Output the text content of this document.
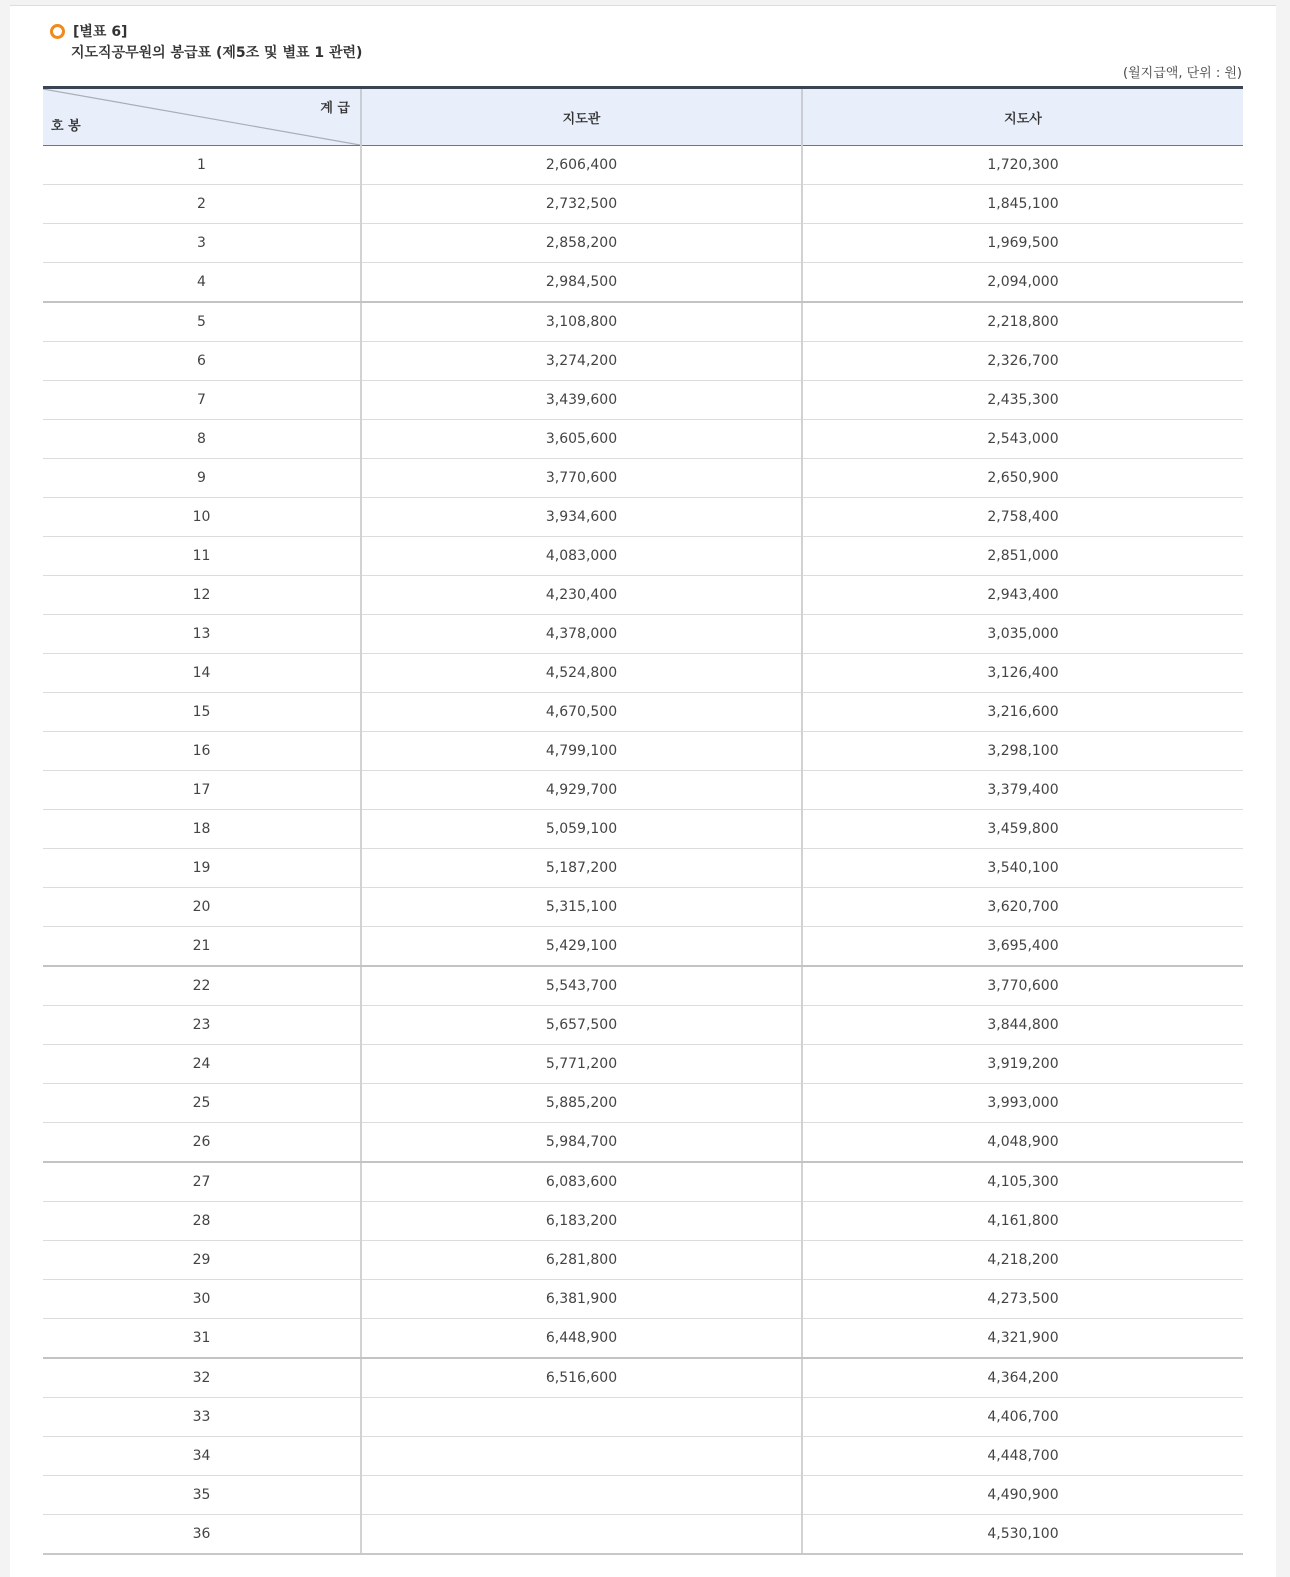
[별표 6]
지도직공무원의 봉급표 (제5조 및 별표 1 관련)
(월지급액, 단위 : 원)
계 급
호 봉	지도관	지도사
1	2,606,400	1,720,300
2	2,732,500	1,845,100
3	2,858,200	1,969,500
4	2,984,500	2,094,000
5	3,108,800	2,218,800
6	3,274,200	2,326,700
7	3,439,600	2,435,300
8	3,605,600	2,543,000
9	3,770,600	2,650,900
10	3,934,600	2,758,400
11	4,083,000	2,851,000
12	4,230,400	2,943,400
13	4,378,000	3,035,000
14	4,524,800	3,126,400
15	4,670,500	3,216,600
16	4,799,100	3,298,100
17	4,929,700	3,379,400
18	5,059,100	3,459,800
19	5,187,200	3,540,100
20	5,315,100	3,620,700
21	5,429,100	3,695,400
22	5,543,700	3,770,600
23	5,657,500	3,844,800
24	5,771,200	3,919,200
25	5,885,200	3,993,000
26	5,984,700	4,048,900
27	6,083,600	4,105,300
28	6,183,200	4,161,800
29	6,281,800	4,218,200
30	6,381,900	4,273,500
31	6,448,900	4,321,900
32	6,516,600	4,364,200
33		4,406,700
34		4,448,700
35		4,490,900
36		4,530,100
